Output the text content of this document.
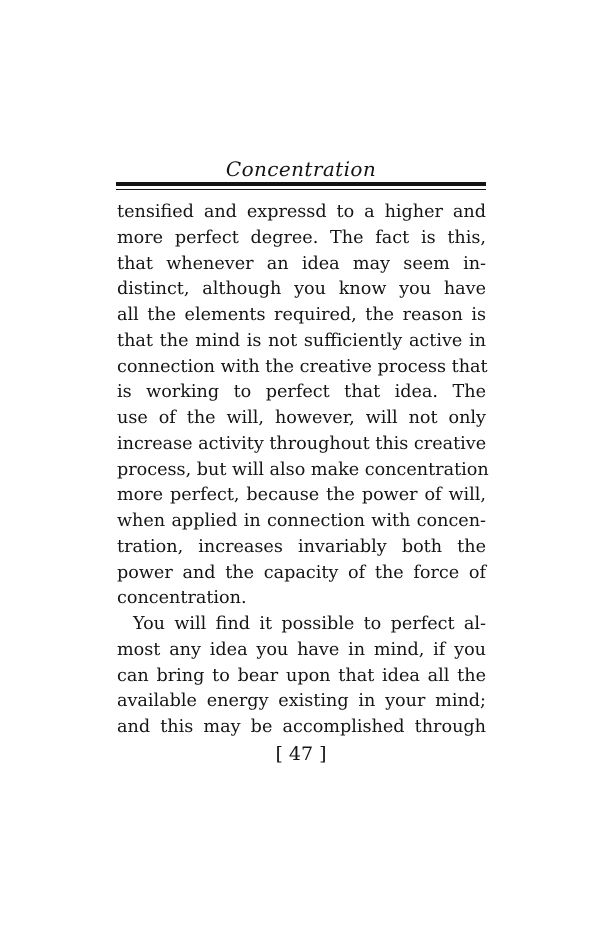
Concentration
tensified and expressd to a higher and
more perfect degree. The fact is this,
that whenever an idea may seem in-
distinct, although you know you have
all the elements required, the reason is
that the mind is not sufficiently active in
connection with the creative process that
is working to perfect that idea. The
use of the will, however, will not only
increase activity throughout this creative
process, but will also make concentration
more perfect, because the power of will,
when applied in connection with concen-
tration, increases invariably both the
power and the capacity of the force of
concentration.
You will find it possible to perfect al-
most any idea you have in mind, if you
can bring to bear upon that idea all the
available energy existing in your mind;
and this may be accomplished through
[ 47 ]
